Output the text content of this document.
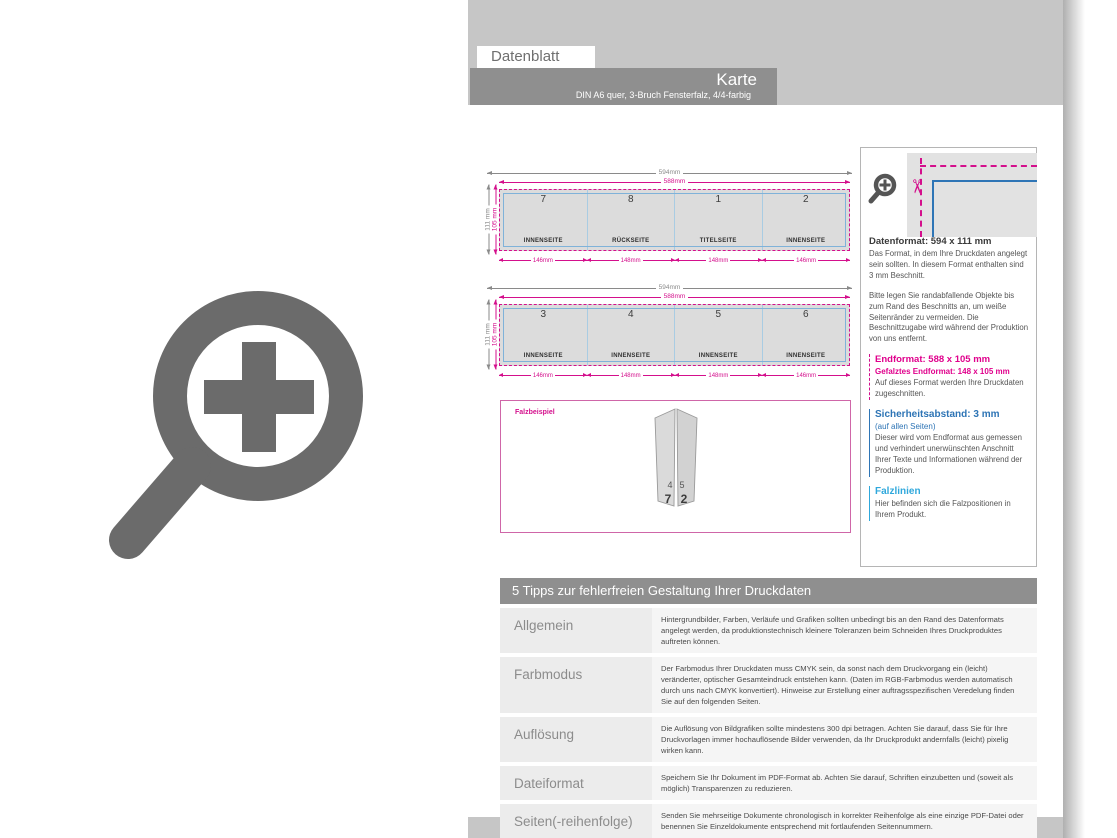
Datenblatt
Karte
DIN A6 quer, 3-Bruch Fensterfalz, 4/4-farbig
594mm
588mm
111 mm 105 mm
7
INNENSEITE
8
RÜCKSEITE
1
TITELSEITE
2
INNENSEITE
146mm	148mm	148mm	146mm
594mm
588mm
111 mm 105 mm
3
INNENSEITE
4
INNENSEITE
5
INNENSEITE
6
INNENSEITE
146mm	148mm	148mm	146mm
Falzbeispiel
4 5
7 2
✂
Datenformat: 594 x 111 mm

Das Format, in dem Ihre Druckdaten angelegt sein sollten. In diesem Format enthalten sind 3 mm Beschnitt.

Bitte legen Sie randabfallende Objekte bis zum Rand des Beschnitts an, um weiße Seitenränder zu vermeiden. Die Beschnittzugabe wird während der Produktion von uns entfernt.

Endformat: 588 x 105 mm
Gefalztes Endformat: 148 x 105 mm

Auf dieses Format werden Ihre Druckdaten zugeschnitten.

Sicherheitsabstand: 3 mm
(auf allen Seiten)

Dieser wird vom Endformat aus gemessen und verhindert unerwünschten Anschnitt Ihrer Texte und Informationen während der Produktion.

Falzlinien

Hier befinden sich die Falzpositionen in Ihrem Produkt.

5 Tipps zur fehlerfreien Gestaltung Ihrer Druckdaten
Allgemein	Hintergrundbilder, Farben, Verläufe und Grafiken sollten unbedingt bis an den Rand des Datenformats angelegt werden, da produktionstechnisch kleinere Toleranzen beim Schneiden Ihres Druckproduktes auftreten können.
Farbmodus	Der Farbmodus Ihrer Druckdaten muss CMYK sein, da sonst nach dem Druckvorgang ein (leicht) veränderter, optischer Gesamteindruck entstehen kann. (Daten im RGB-Farbmodus werden automatisch durch uns nach CMYK konvertiert). Hinweise zur Erstellung einer auftragsspezifischen Veredelung finden Sie auf den folgenden Seiten.
Auflösung	Die Auflösung von Bildgrafiken sollte mindestens 300 dpi betragen. Achten Sie darauf, dass Sie für Ihre Druckvorlagen immer hochauflösende Bilder verwenden, da Ihr Druckprodukt andernfalls (leicht) pixelig wirken kann.
Dateiformat	Speichern Sie Ihr Dokument im PDF-Format ab. Achten Sie darauf, Schriften einzubetten und (soweit als möglich) Transparenzen zu reduzieren.
Seiten(-reihenfolge)	Senden Sie mehrseitige Dokumente chronologisch in korrekter Reihenfolge als eine einzige PDF-Datei oder benennen Sie Einzeldokumente entsprechend mit fortlaufenden Seitennummern.
